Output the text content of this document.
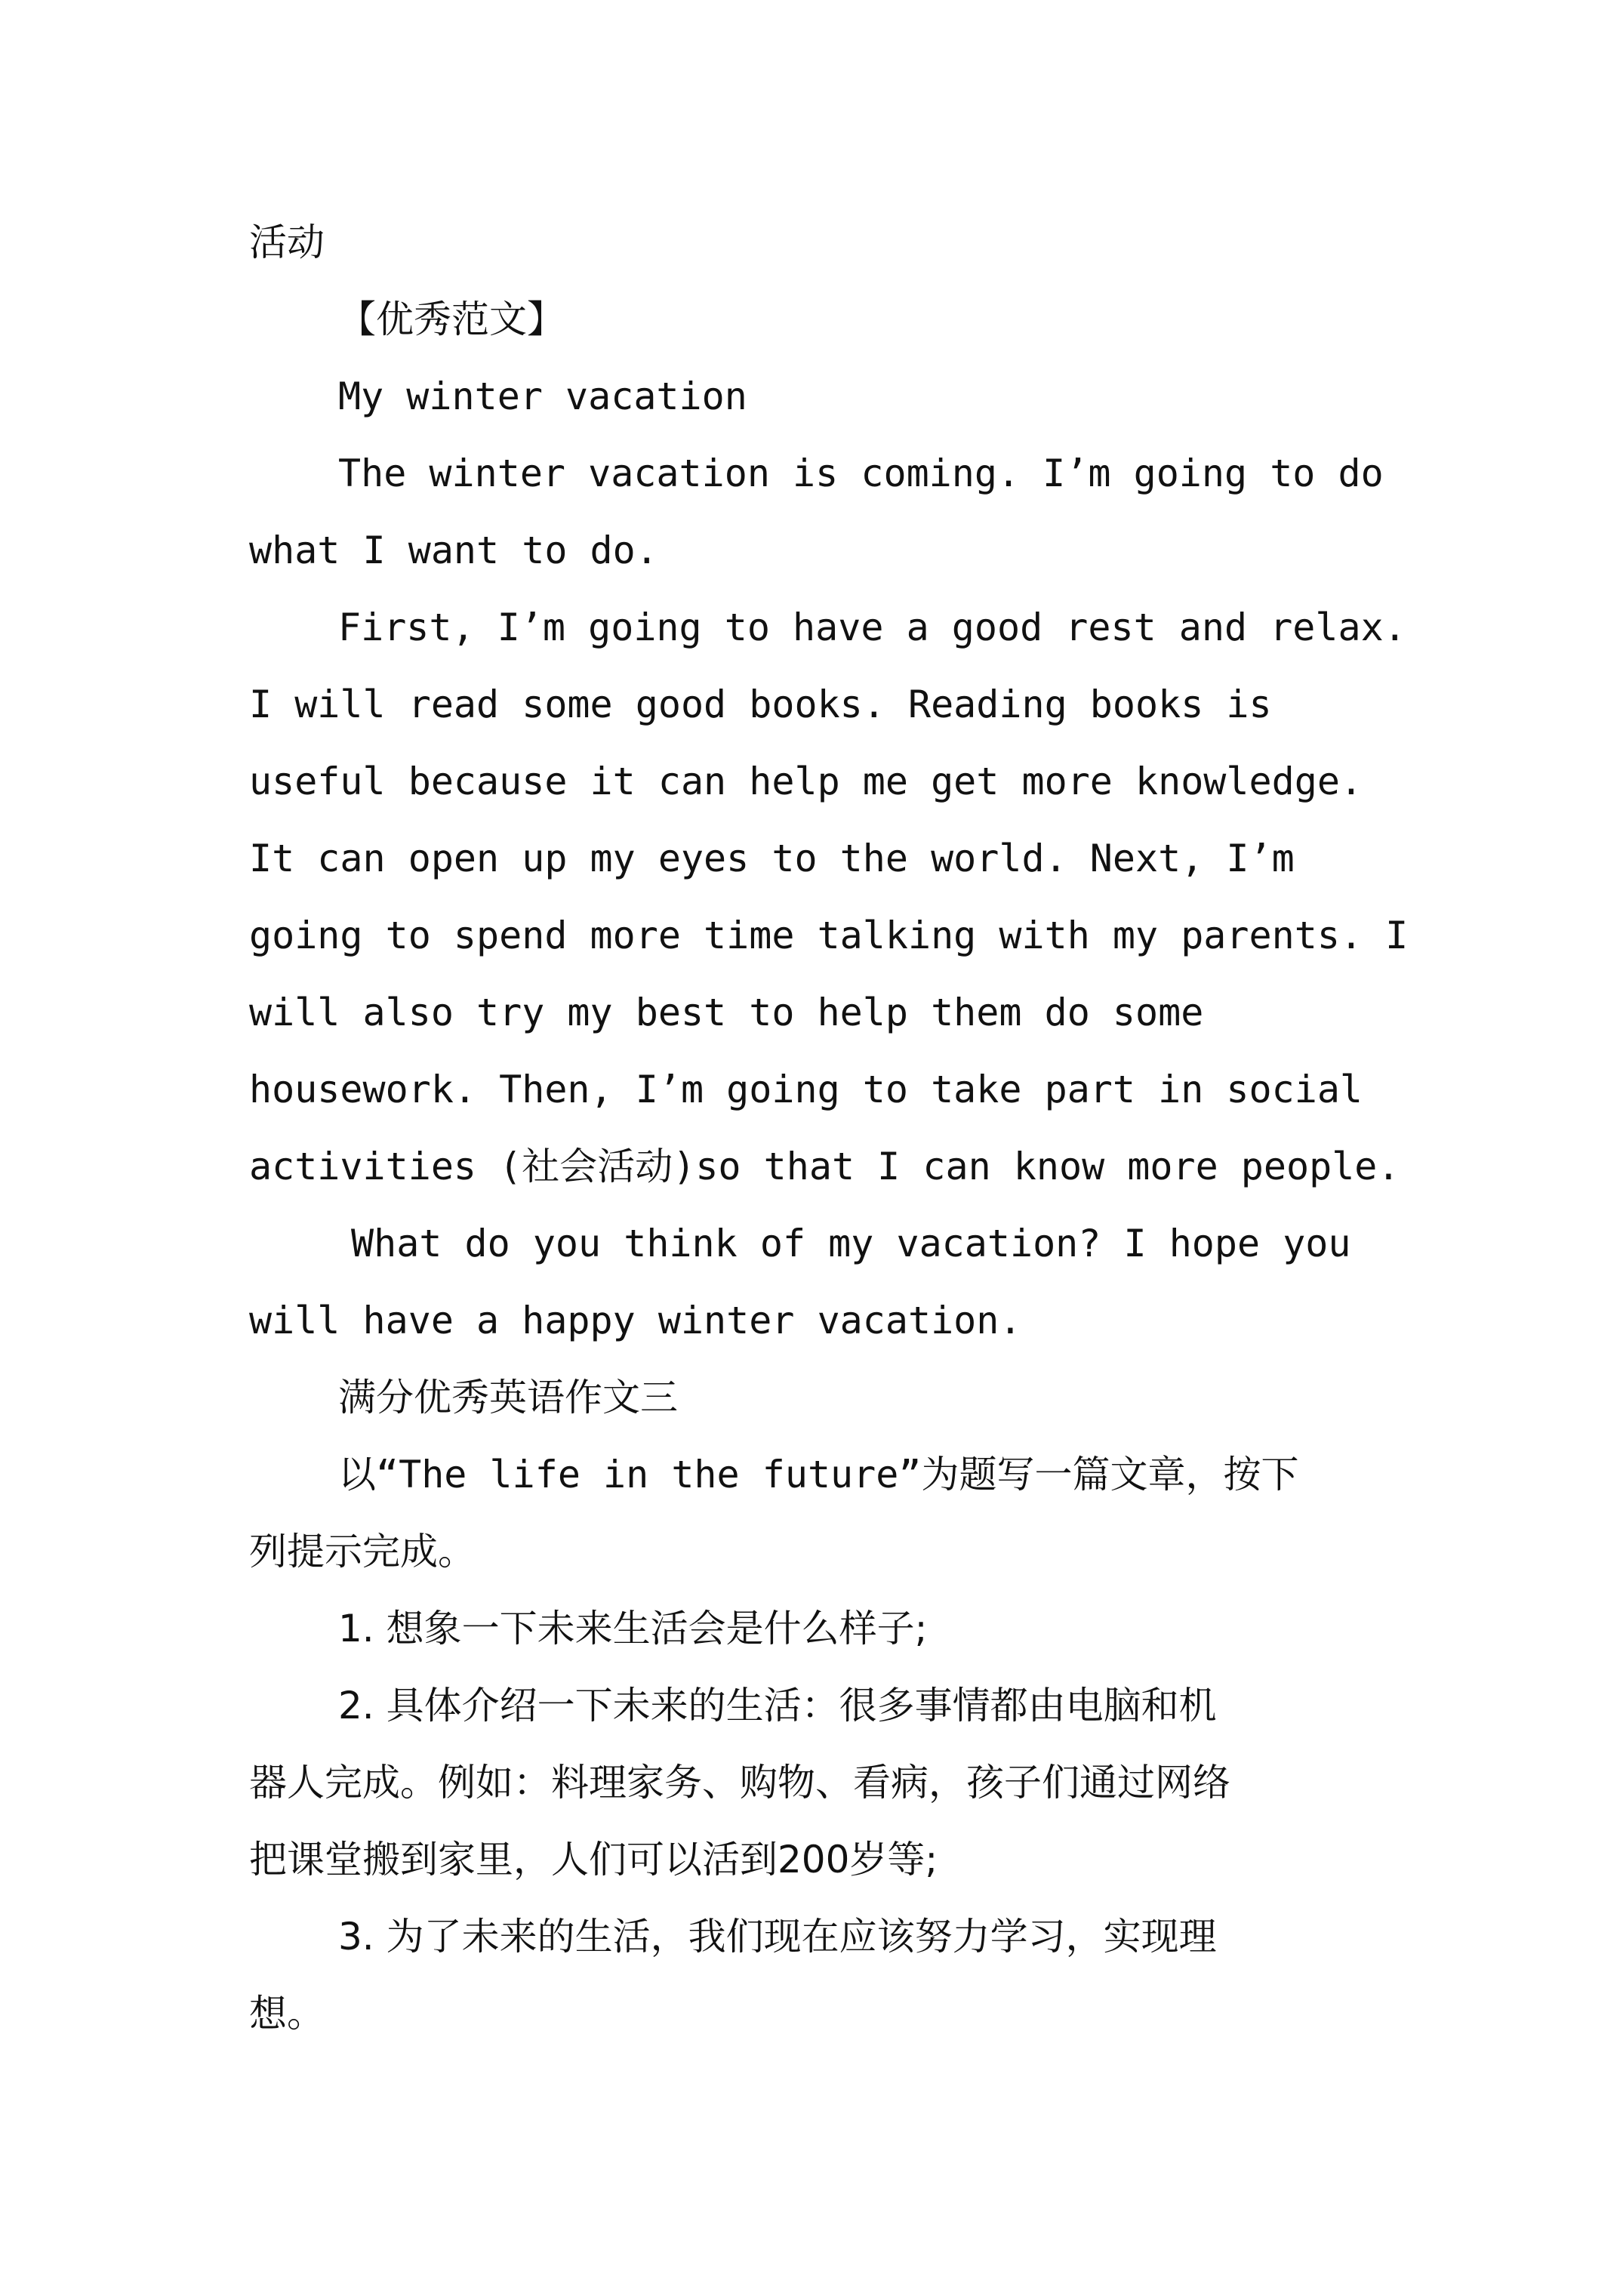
活动
【优秀范文】
My winter vacation
The winter vacation is coming. I’m going to do
what I want to do.
First, I’m going to have a good rest and relax.
I will read some good books. Reading books is
useful because it can help me get more knowledge.
It can open up my eyes to the world. Next, I’m
going to spend more time talking with my parents. I
will also try my best to help them do some
housework. Then, I’m going to take part in social
activities (社会活动)so that I can know more people.
What do you think of my vacation? I hope you
will have a happy winter vacation.
满分优秀英语作文三
以“The life in the future”为题写一篇文章，按下
列提示完成。
1. 想象一下未来生活会是什么样子;
2. 具体介绍一下未来的生活：很多事情都由电脑和机
器人完成。例如：料理家务、购物、看病，孩子们通过网络
把课堂搬到家里，人们可以活到200岁等;
3. 为了未来的生活，我们现在应该努力学习，实现理
想。
